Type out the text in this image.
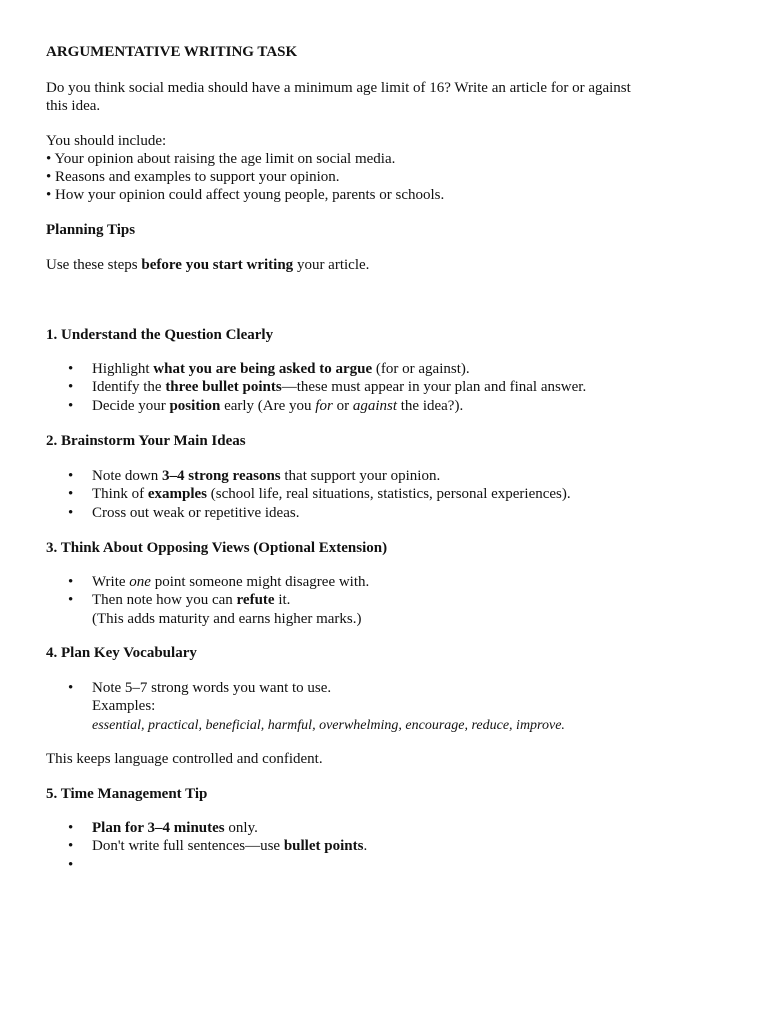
ARGUMENTATIVE WRITING TASK
Do you think social media should have a minimum age limit of 16? Write an article for or against
this idea.
You should include:
• Your opinion about raising the age limit on social media.
• Reasons and examples to support your opinion.
• How your opinion could affect young people, parents or schools.
Planning Tips
Use these steps before you start writing your article.
1. Understand the Question Clearly
• Highlight what you are being asked to argue (for or against).
• Identify the three bullet points—these must appear in your plan and final answer.
• Decide your position early (Are you for or against the idea?).
2. Brainstorm Your Main Ideas
• Note down 3–4 strong reasons that support your opinion.
• Think of examples (school life, real situations, statistics, personal experiences).
• Cross out weak or repetitive ideas.
3. Think About Opposing Views (Optional Extension)
• Write one point someone might disagree with.
• Then note how you can refute it.
(This adds maturity and earns higher marks.)
4. Plan Key Vocabulary
• Note 5–7 strong words you want to use.
Examples:
essential, practical, beneficial, harmful, overwhelming, encourage, reduce, improve.
This keeps language controlled and confident.
5. Time Management Tip
• Plan for 3–4 minutes only.
• Don't write full sentences—use bullet points.
